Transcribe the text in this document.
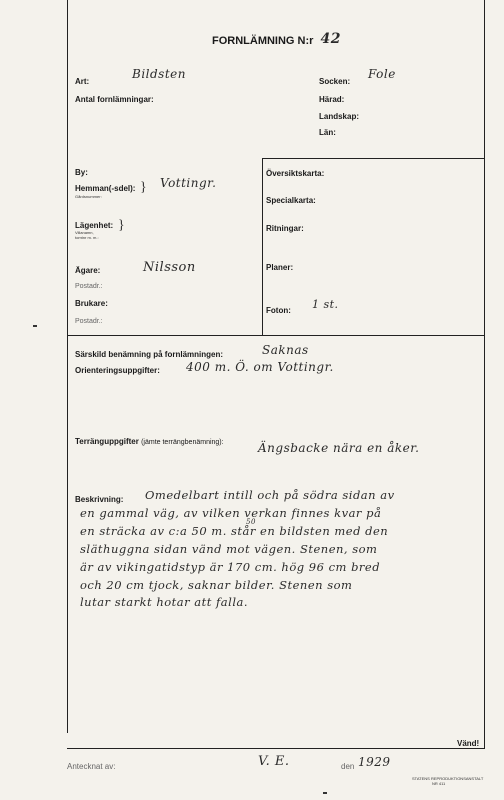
FORNLÄMNING N:r 42
Art:
Bildsten
Antal fornlämningar:
Socken:
Fole
Härad:
Landskap:
Län:
By:
Hemman(-sdel):
Gårdsnummer:
} Vottingr.
Lägenhet:
Villanamn,
tomtnr m. m.:
}
Ägare:	Nilsson
Postadr.:
Brukare:
Postadr.:
Översiktskarta:
Specialkarta:
Ritningar:
Planer:
Foton: 1 st.
Särskild benämning på fornlämningen:	Saknas
Orienteringsuppgifter: 400 m. Ö. om Vottingr.
Terränguppgifter (jämte terrängbenämning):	Ängsbacke nära en åker.
Beskrivning: Omedelbart intill och på södra sidan av
en gammal väg, av vilken verkan finnes kvar på
50
en sträcka av c:a 50 m. står en bildsten med den
släthuggna sidan vänd mot vägen. Stenen, som
är av vikingatidstyp är 170 cm. hög 96 cm bred
och 20 cm tjock, saknar bilder. Stenen som
lutar starkt hotar att falla.
Vänd!
Antecknat av:	V. E.	den 1929
STATENS REPRODUKTIONSANSTALT
NR 411
